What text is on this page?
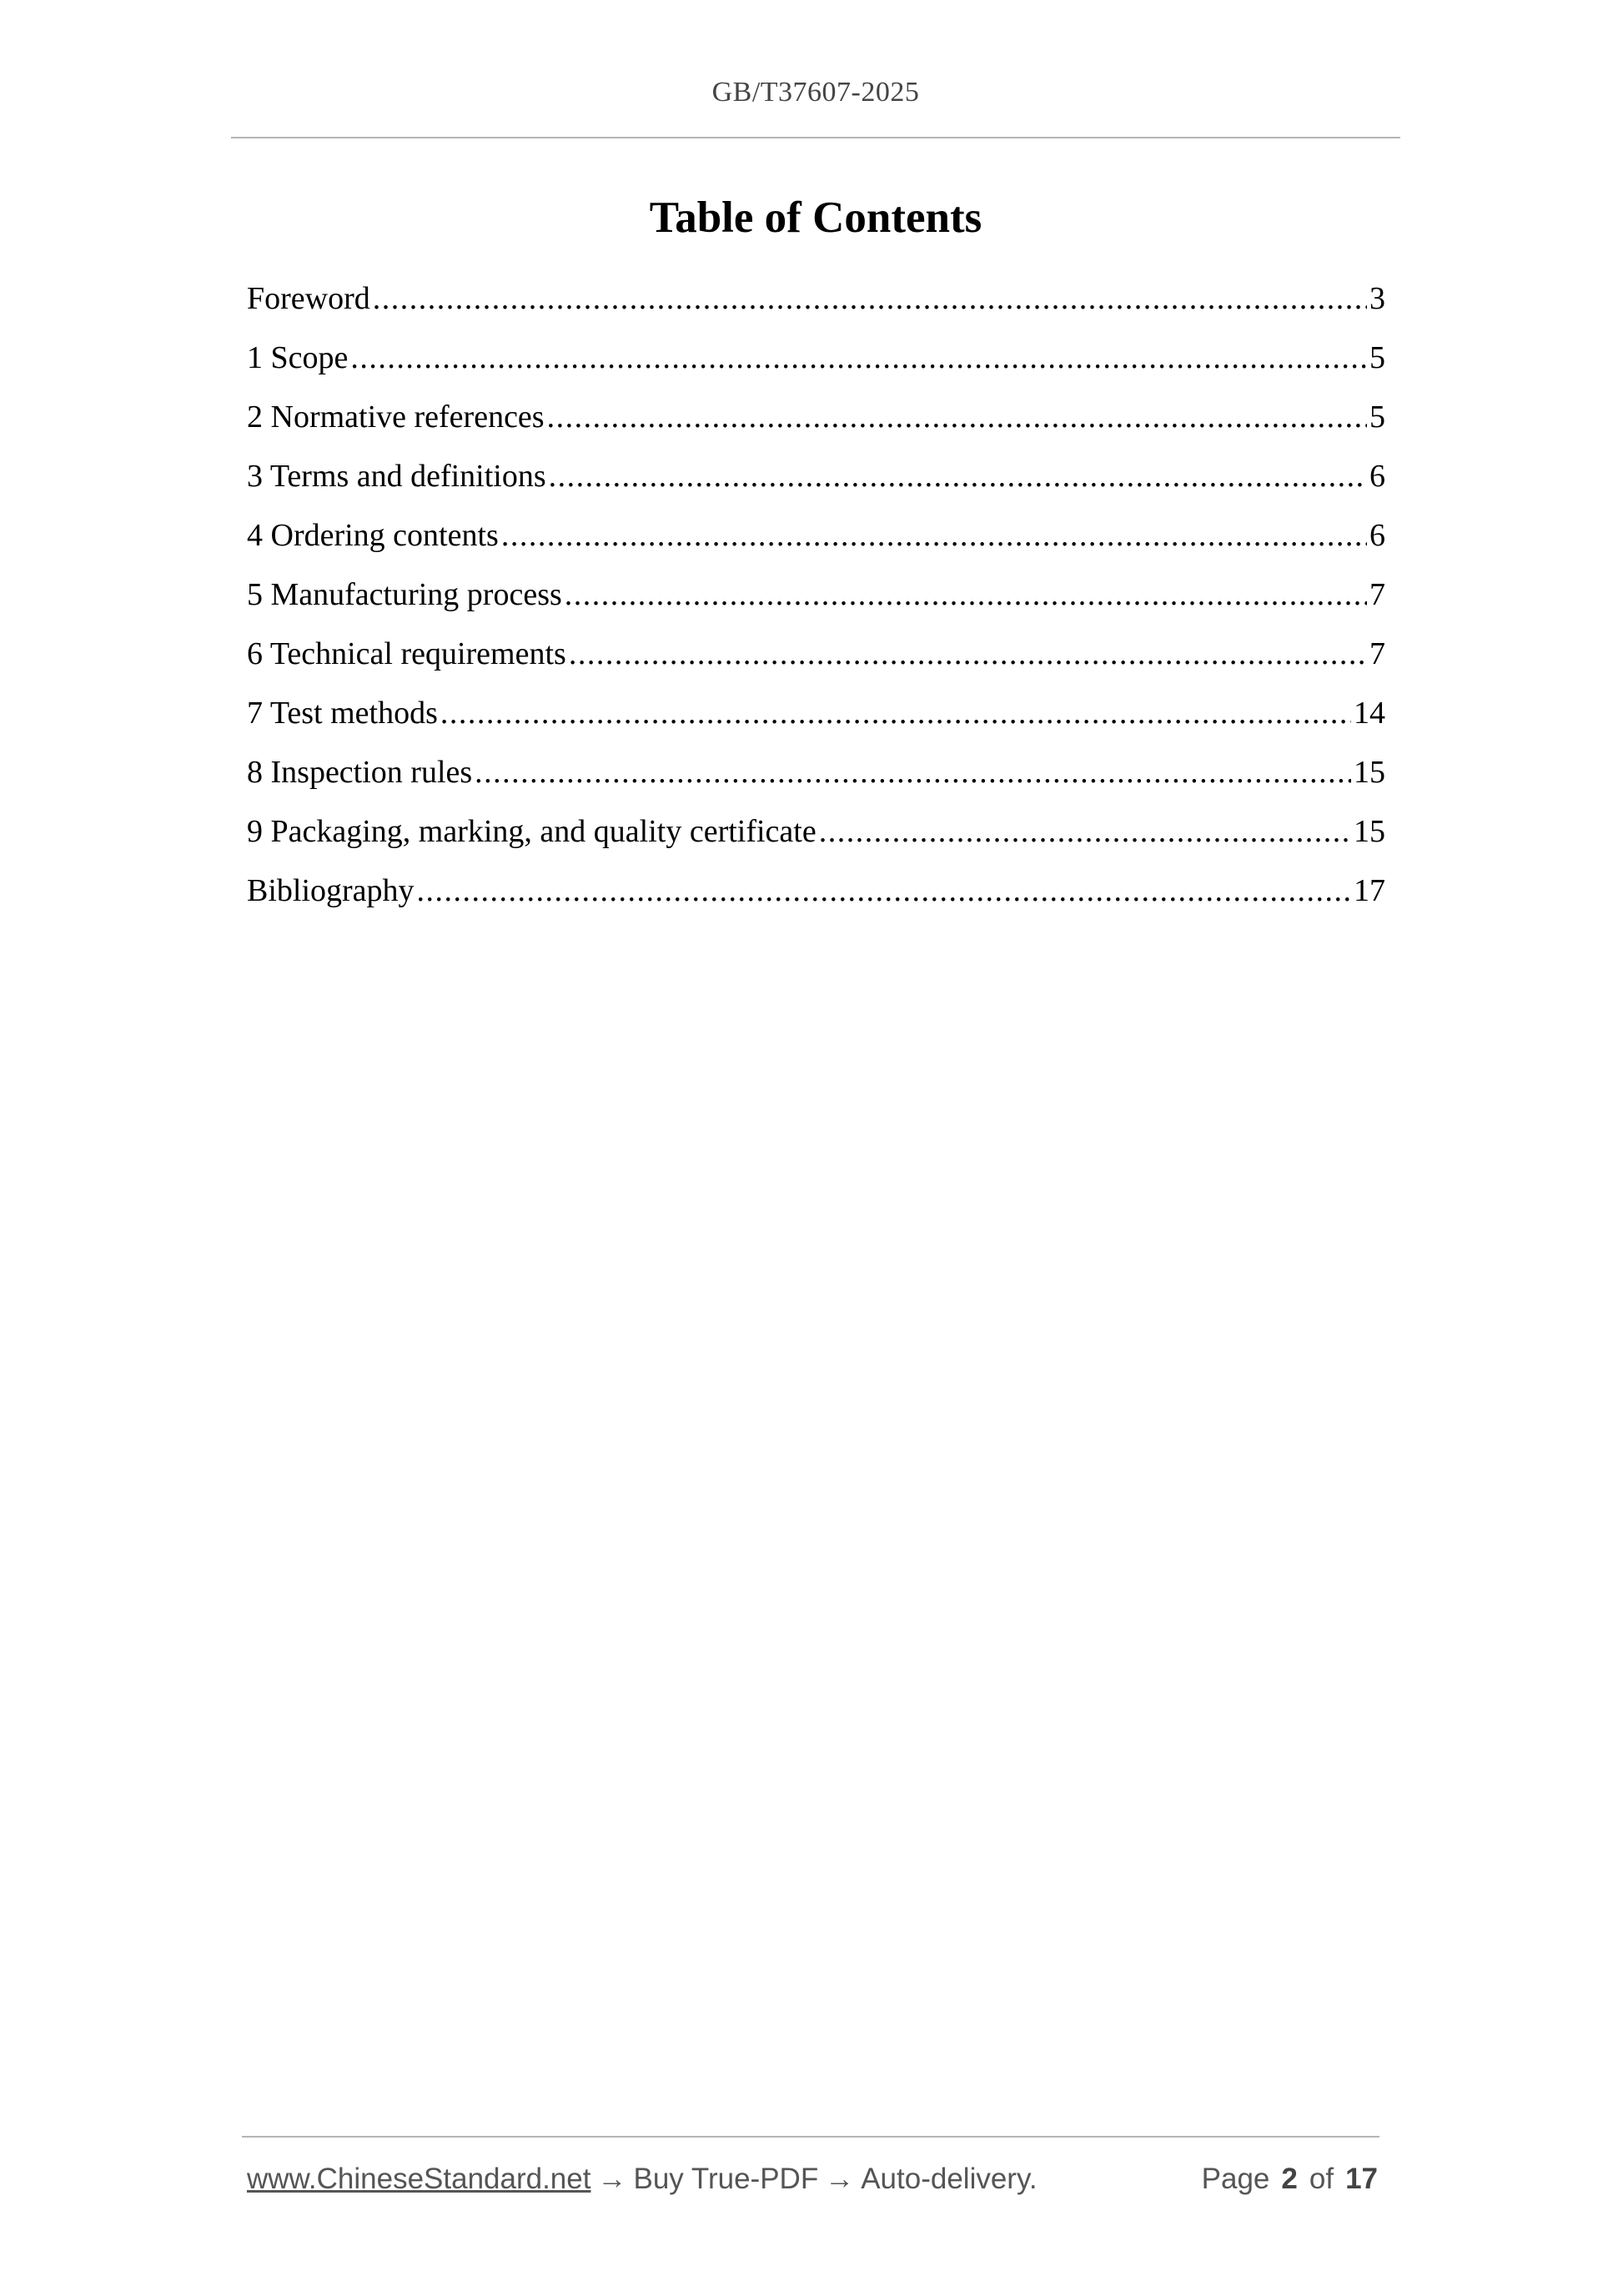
GB/T37607-2025
Table of Contents
Foreword .....	3
1 Scope .....	5
2 Normative references .....	5
3 Terms and definitions .....	6
4 Ordering contents .....	6
5 Manufacturing process .....	7
6 Technical requirements .....	7
7 Test methods .....	14
8 Inspection rules .....	15
9 Packaging, marking, and quality certificate .....	15
Bibliography .....	17
www.ChineseStandard.net → Buy True-PDF → Auto-delivery.	Page 2 of 17
